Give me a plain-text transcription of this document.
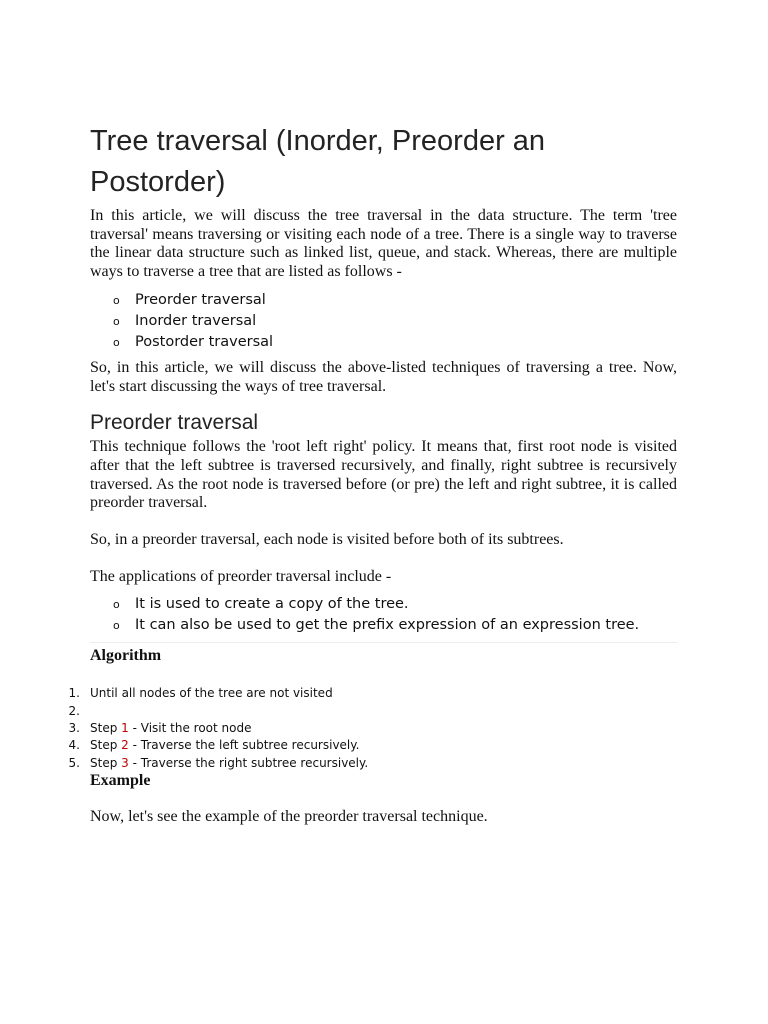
Tree traversal (Inorder, Preorder an Postorder)

In this article, we will discuss the tree traversal in the data structure. The term 'tree traversal' means traversing or visiting each node of a tree. There is a single way to traverse the linear data structure such as linked list, queue, and stack. Whereas, there are multiple ways to traverse a tree that are listed as follows -

o Preorder traversal
o Inorder traversal
o Postorder traversal

So, in this article, we will discuss the above-listed techniques of traversing a tree. Now, let's start discussing the ways of tree traversal.

Preorder traversal

This technique follows the 'root left right' policy. It means that, first root node is visited after that the left subtree is traversed recursively, and finally, right subtree is recursively traversed. As the root node is traversed before (or pre) the left and right subtree, it is called preorder traversal.

So, in a preorder traversal, each node is visited before both of its subtrees.

The applications of preorder traversal include -

o It is used to create a copy of the tree.
o It can also be used to get the prefix expression of an expression tree.
Algorithm
1. Until all nodes of the tree are not visited
2.
3. Step 1 - Visit the root node
4. Step 2 - Traverse the left subtree recursively.
5. Step 3 - Traverse the right subtree recursively.
Example

Now, let's see the example of the preorder traversal technique.
